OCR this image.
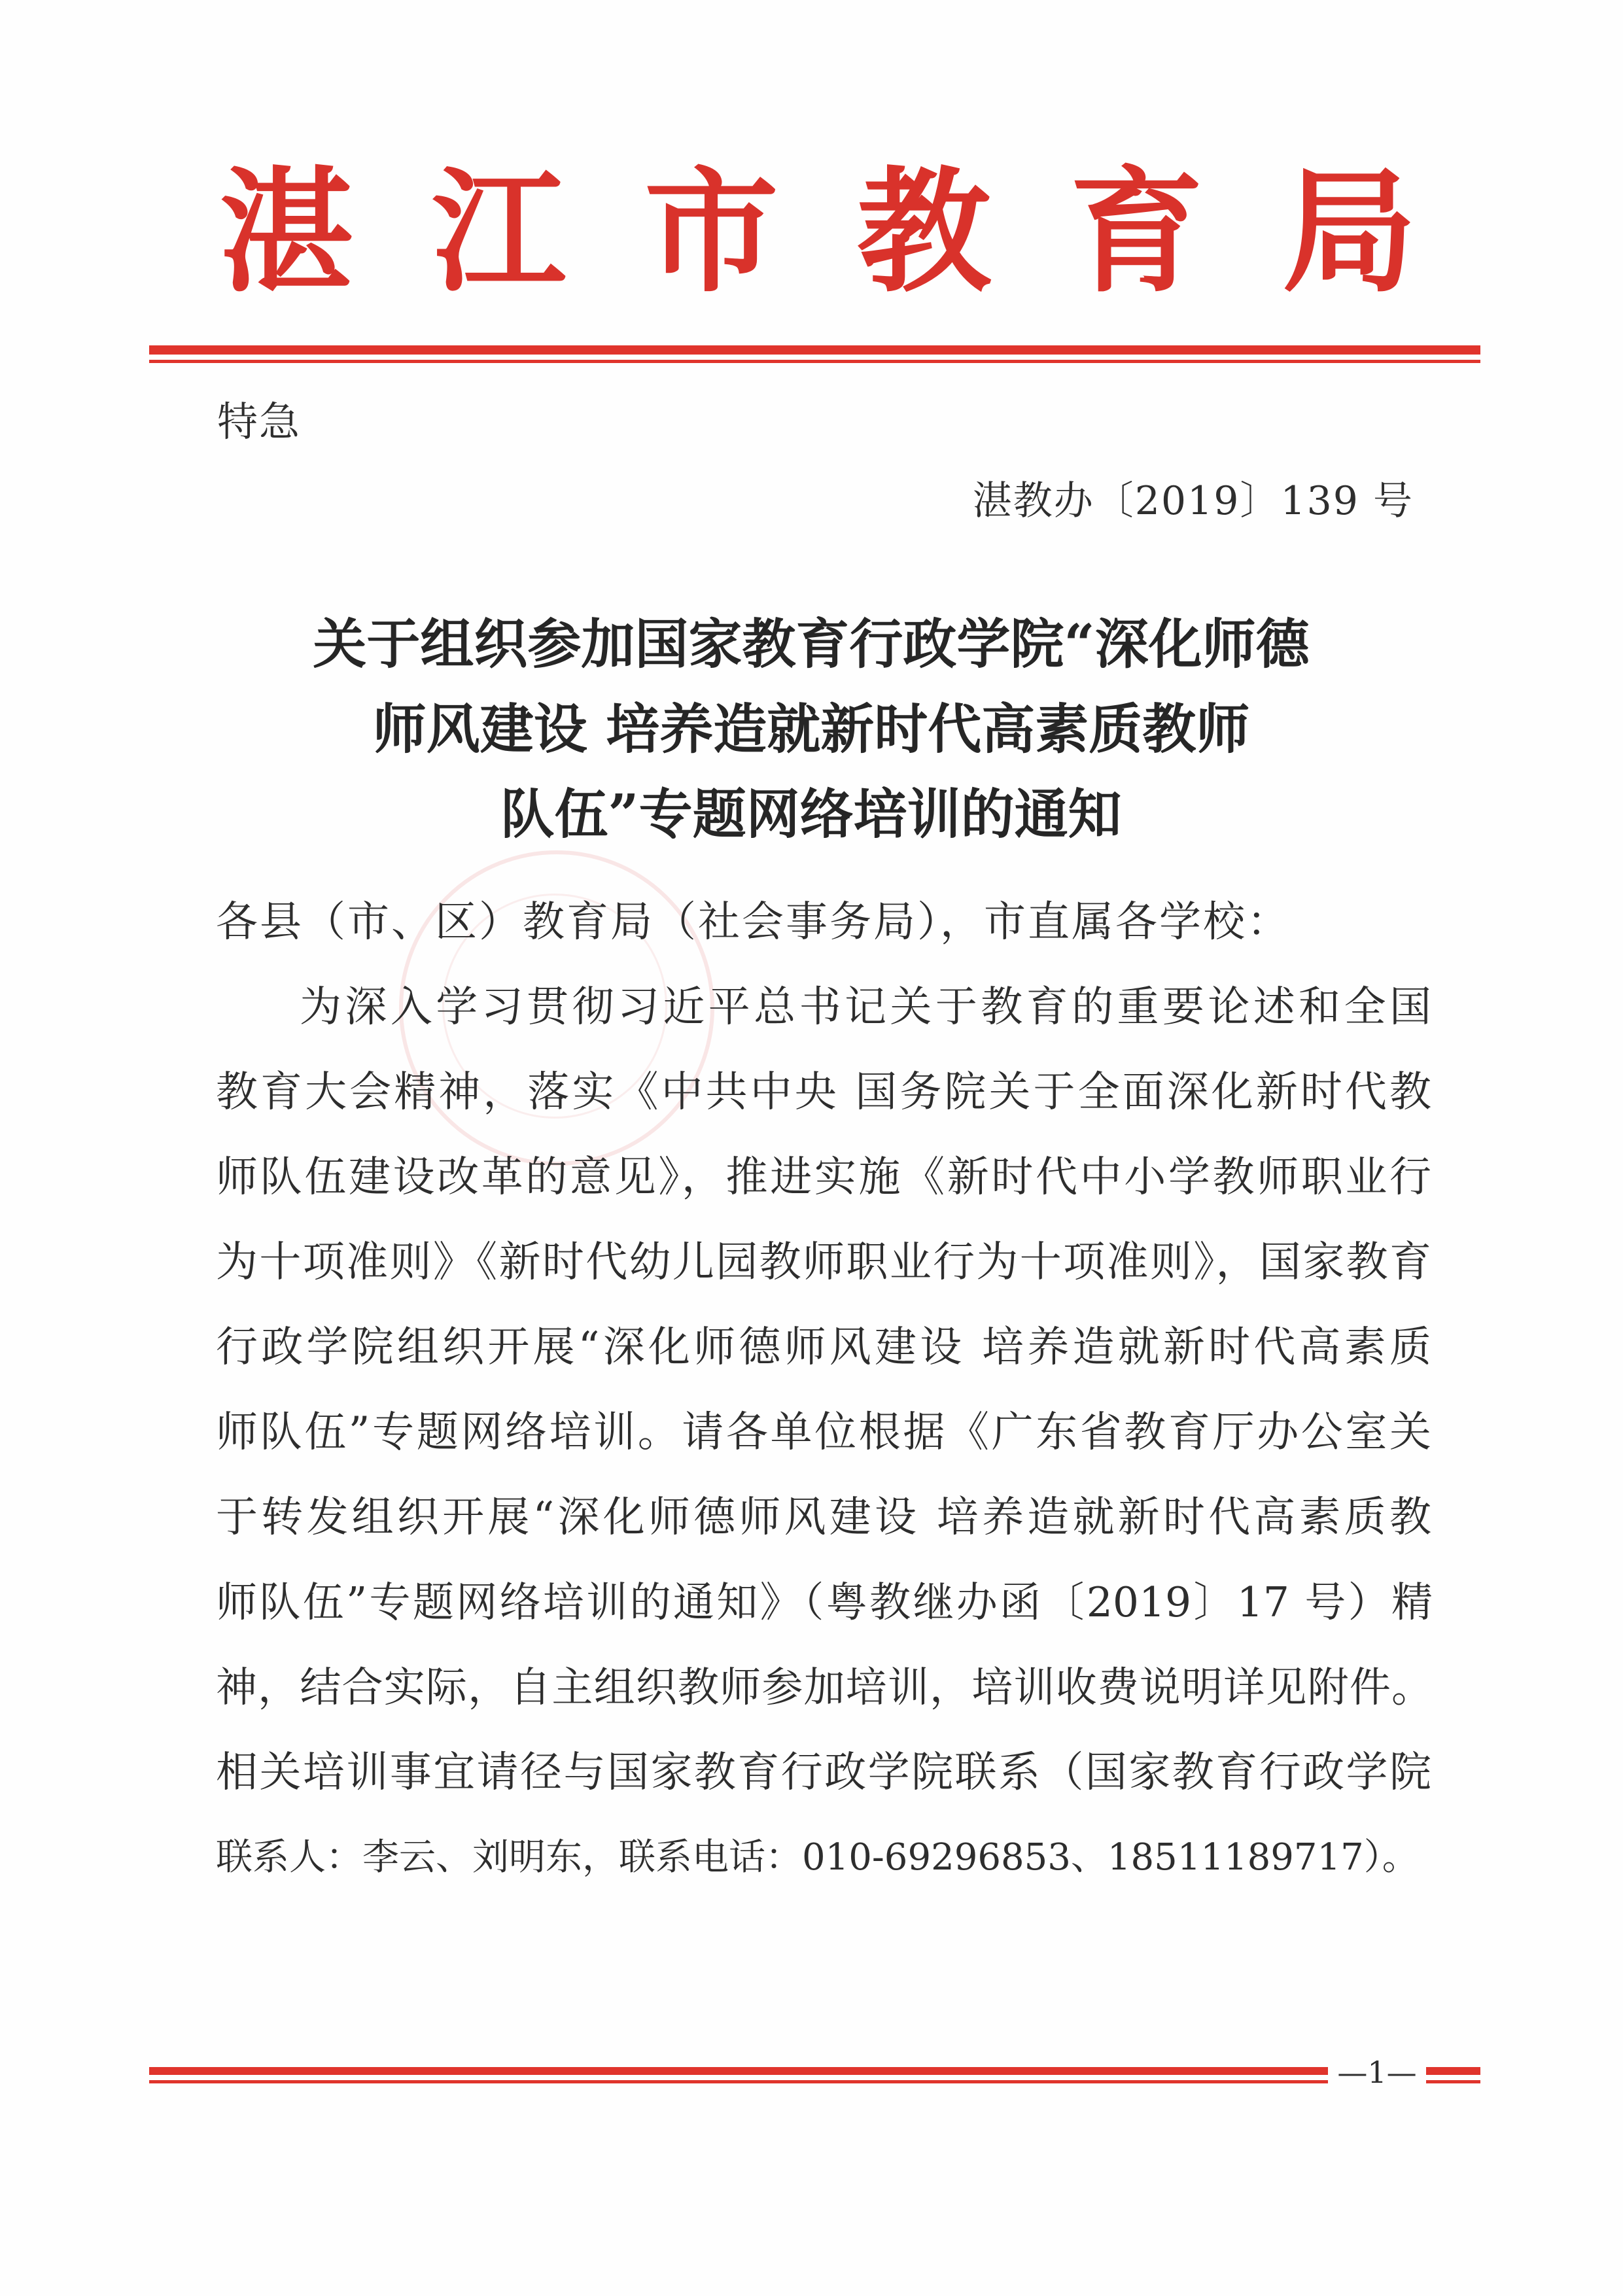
湛 江 市 教 育 局
特急
湛教办〔2019〕139 号
关于组织参加国家教育行政学院“深化师德
师风建设 培养造就新时代高素质教师
队伍”专题网络培训的通知
各县（市、区）教育局（社会事务局），市直属各学校：
为深入学习贯彻习近平总书记关于教育的重要论述和全国
教育大会精神，落实《中共中央 国务院关于全面深化新时代教
师队伍建设改革的意见》，推进实施《新时代中小学教师职业行
为十项准则》《新时代幼儿园教师职业行为十项准则》，国家教育
行政学院组织开展“深化师德师风建设 培养造就新时代高素质
师队伍”专题网络培训。请各单位根据《广东省教育厅办公室关
于转发组织开展“深化师德师风建设 培养造就新时代高素质教
师队伍”专题网络培训的通知》（粤教继办函〔2019〕17 号）精
神，结合实际，自主组织教师参加培训，培训收费说明详见附件。
相关培训事宜请径与国家教育行政学院联系（国家教育行政学院
联系人：李云、刘明东，联系电话：010-69296853、18511189717）。
—1—
